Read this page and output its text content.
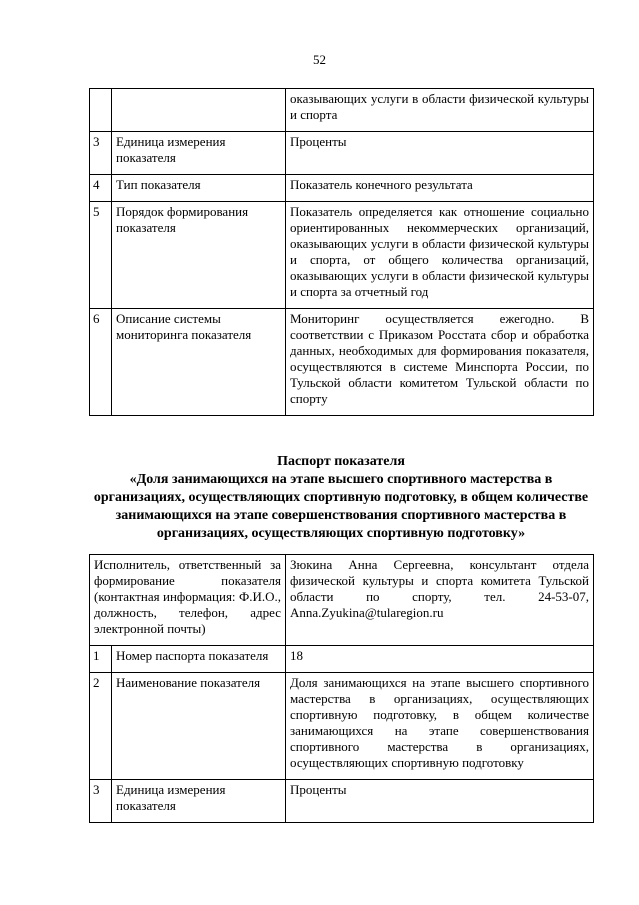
52
		оказывающих услуги в области физической культуры и спорта
3	Единица измерения показателя	Проценты
4	Тип показателя	Показатель конечного результата
5	Порядок формирования показателя	Показатель определяется как отношение социально ориентированных некоммерческих организаций, оказывающих услуги в области физической культуры и спорта, от общего количества организаций, оказывающих услуги в области физической культуры и спорта за отчетный год
6	Описание системы мониторинга показателя	Мониторинг осуществляется ежегодно. В соответствии с Приказом Росстата сбор и обработка данных, необходимых для формирования показателя, осуществляются в системе Минспорта России, по Тульской области комитетом Тульской области по спорту
Паспорт показателя
«Доля занимающихся на этапе высшего спортивного мастерства в организациях, осуществляющих спортивную подготовку, в общем количестве занимающихся на этапе совершенствования спортивного мастерства в организациях, осуществляющих спортивную подготовку»
Исполнитель, ответственный за формирование показателя (контактная информация: Ф.И.О., должность, телефон, адрес электронной почты)		Зюкина Анна Сергеевна, консультант отдела физической культуры и спорта комитета Тульской области по спорту, тел. 24-53-07, Anna.Zyukina@tularegion.ru
1	Номер паспорта показателя	18
2	Наименование показателя	Доля занимающихся на этапе высшего спортивного мастерства в организациях, осуществляющих спортивную подготовку, в общем количестве занимающихся на этапе совершенствования спортивного мастерства в организациях, осуществляющих спортивную подготовку
3	Единица измерения показателя	Проценты
